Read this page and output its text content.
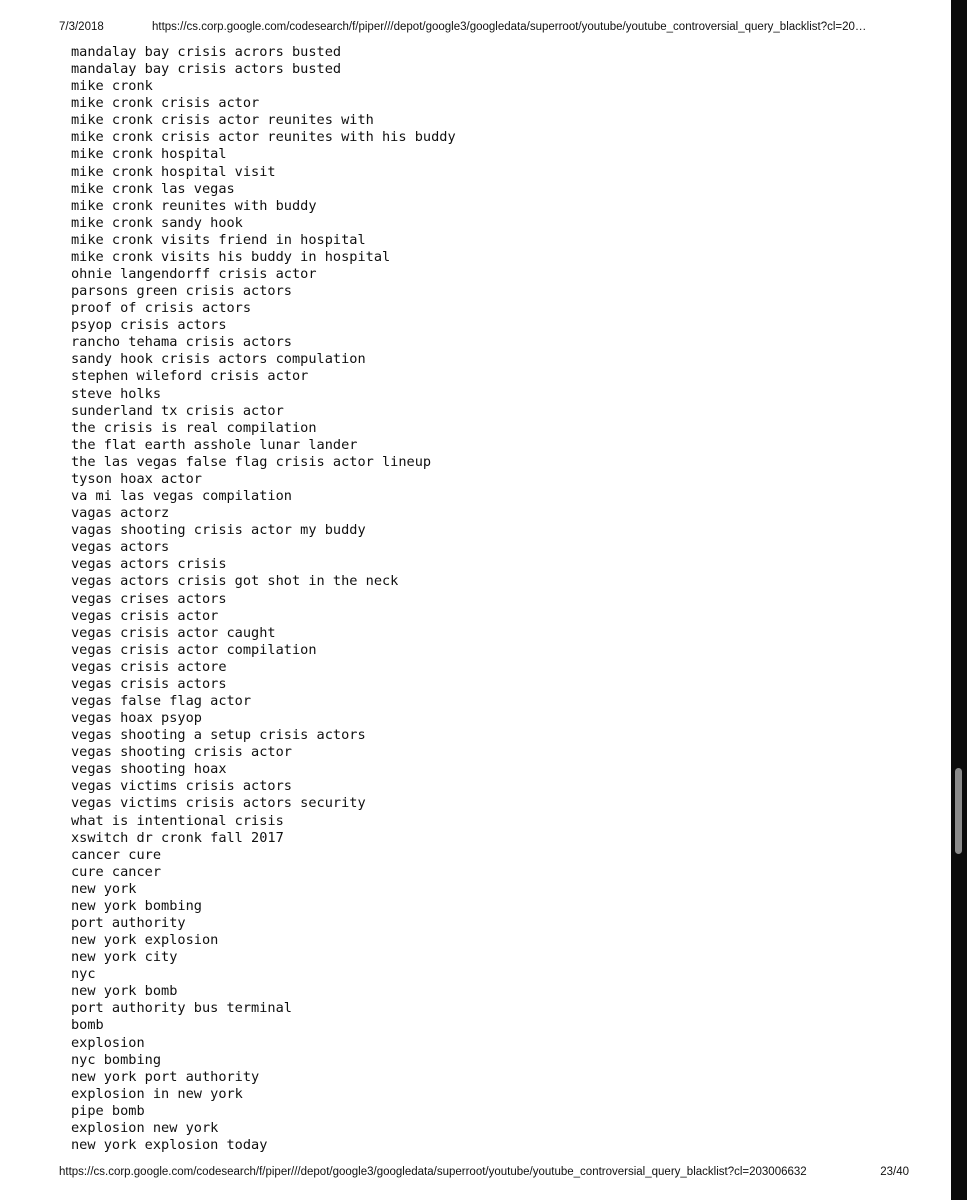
7/3/2018	https://cs.corp.google.com/codesearch/f/piper///depot/google3/googledata/superroot/youtube/youtube_controversial_query_blacklist?cl=20…
mandalay bay crisis acrors busted
mandalay bay crisis actors busted
mike cronk
mike cronk crisis actor
mike cronk crisis actor reunites with
mike cronk crisis actor reunites with his buddy
mike cronk hospital
mike cronk hospital visit
mike cronk las vegas
mike cronk reunites with buddy
mike cronk sandy hook
mike cronk visits friend in hospital
mike cronk visits his buddy in hospital
ohnie langendorff crisis actor
parsons green crisis actors
proof of crisis actors
psyop crisis actors
rancho tehama crisis actors
sandy hook crisis actors compulation
stephen wileford crisis actor
steve holks
sunderland tx crisis actor
the crisis is real compilation
the flat earth asshole lunar lander
the las vegas false flag crisis actor lineup
tyson hoax actor
va mi las vegas compilation
vagas actorz
vagas shooting crisis actor my buddy
vegas actors
vegas actors crisis
vegas actors crisis got shot in the neck
vegas crises actors
vegas crisis actor
vegas crisis actor caught
vegas crisis actor compilation
vegas crisis actore
vegas crisis actors
vegas false flag actor
vegas hoax psyop
vegas shooting a setup crisis actors
vegas shooting crisis actor
vegas shooting hoax
vegas victims crisis actors
vegas victims crisis actors security
what is intentional crisis
xswitch dr cronk fall 2017
cancer cure
cure cancer
new york
new york bombing
port authority
new york explosion
new york city
nyc
new york bomb
port authority bus terminal
bomb
explosion
nyc bombing
new york port authority
explosion in new york
pipe bomb
explosion new york
new york explosion today
https://cs.corp.google.com/codesearch/f/piper///depot/google3/googledata/superroot/youtube/youtube_controversial_query_blacklist?cl=203006632	23/40
